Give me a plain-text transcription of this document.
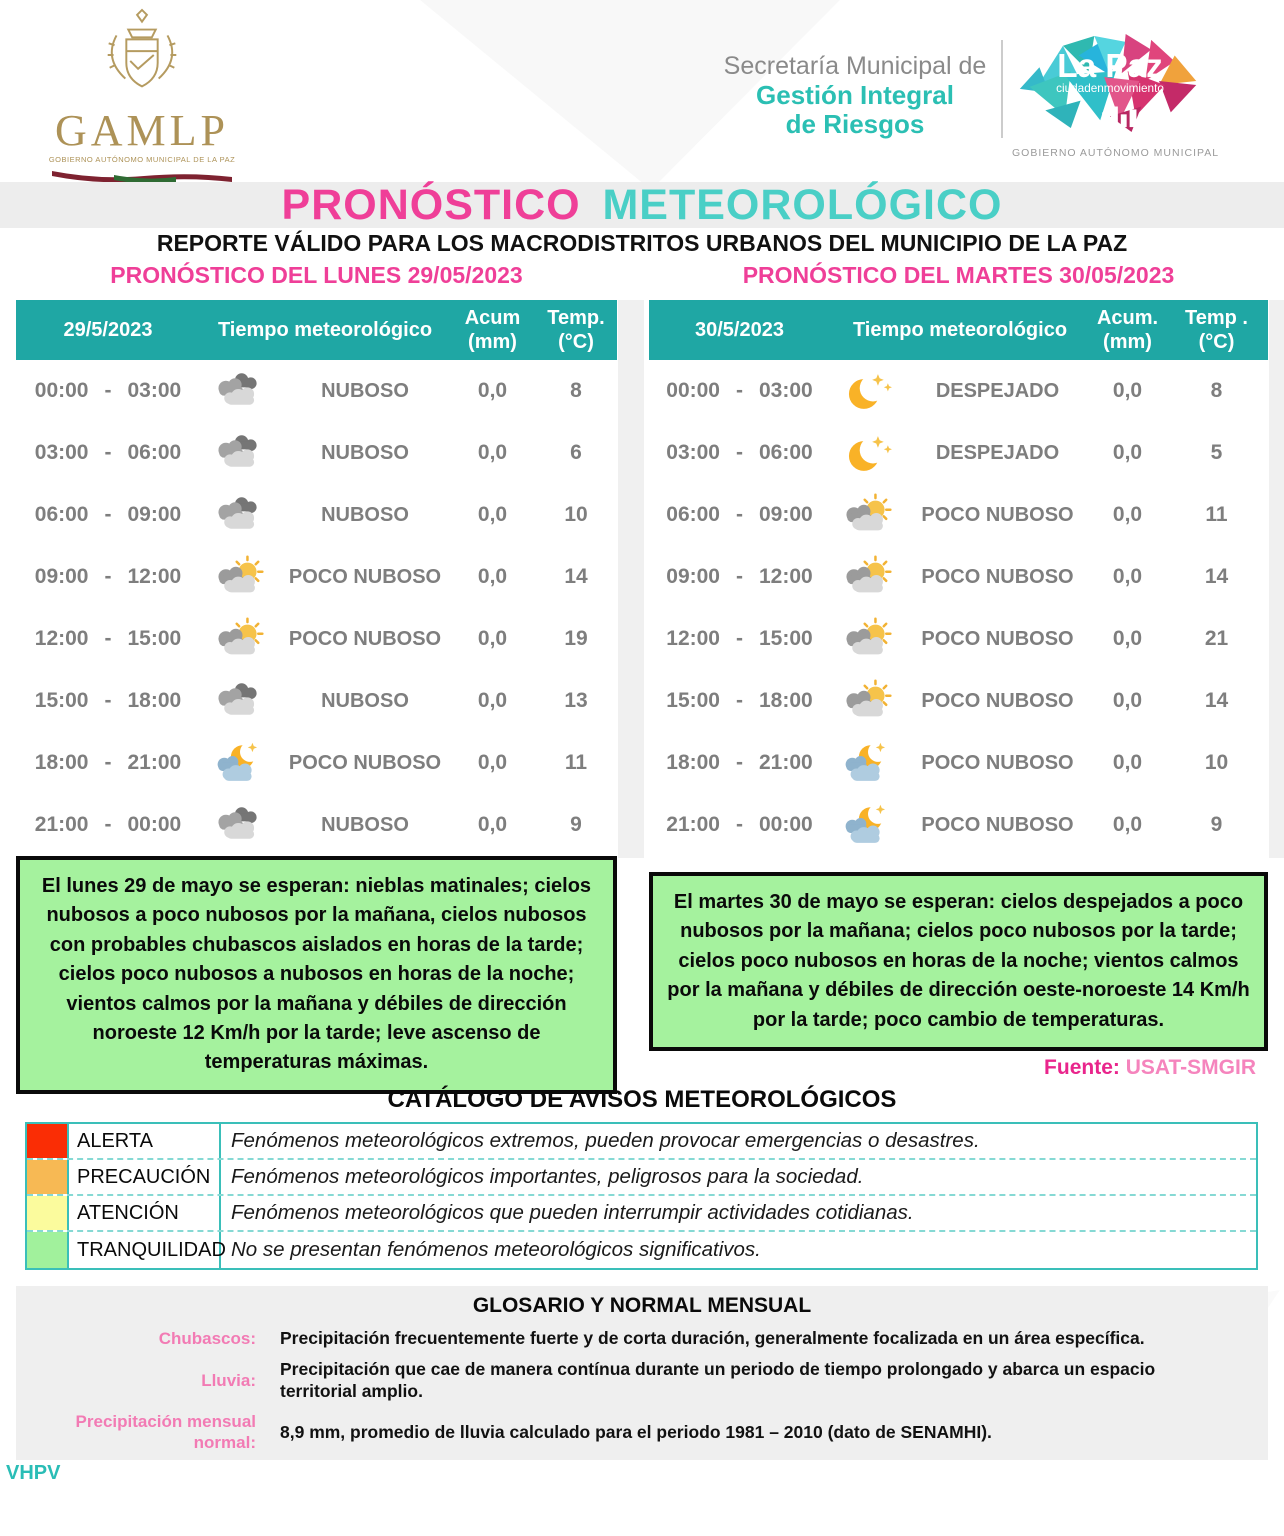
GAMLP
GOBIERNO AUTÓNOMO MUNICIPAL DE LA PAZ
Secretaría Municipal de
Gestión Integral
de Riesgos
La Paz
ciudadenmovimiento
GOBIERNO AUTÓNOMO MUNICIPAL
PRONÓSTICO METEOROLÓGICO
REPORTE VÁLIDO PARA LOS MACRODISTRITOS URBANOS DEL MUNICIPIO DE LA PAZ
PRONÓSTICO DEL LUNES 29/05/2023
29/5/2023	Tiempo meteorológico
Acum
(mm)
Temp.
(°C)
00:00 - 03:00	NUBOSO	0,0	8
03:00 - 06:00	NUBOSO	0,0	6
06:00 - 09:00	NUBOSO	0,0	10
09:00 - 12:00	POCO NUBOSO	0,0	14
12:00 - 15:00	POCO NUBOSO	0,0	19
15:00 - 18:00	NUBOSO	0,0	13
18:00 - 21:00	POCO NUBOSO	0,0	11
21:00 - 00:00	NUBOSO	0,0	9
El lunes 29 de mayo se esperan: nieblas matinales; cielos nubosos a poco nubosos por la mañana, cielos nubosos con probables chubascos aislados en horas de la tarde; cielos poco nubosos a nubosos en horas de la noche; vientos calmos por la mañana y débiles de dirección noroeste 12 Km/h por la tarde; leve ascenso de temperaturas máximas.
PRONÓSTICO DEL MARTES 30/05/2023
30/5/2023	Tiempo meteorológico
Acum.
(mm)
Temp .
(°C)
00:00 - 03:00	DESPEJADO	0,0	8
03:00 - 06:00	DESPEJADO	0,0	5
06:00 - 09:00	POCO NUBOSO	0,0	11
09:00 - 12:00	POCO NUBOSO	0,0	14
12:00 - 15:00	POCO NUBOSO	0,0	21
15:00 - 18:00	POCO NUBOSO	0,0	14
18:00 - 21:00	POCO NUBOSO	0,0	10
21:00 - 00:00	POCO NUBOSO	0,0	9
El martes 30 de mayo se esperan: cielos despejados a poco nubosos por la mañana; cielos poco nubosos por la tarde; cielos poco nubosos en horas de la noche; vientos calmos por la mañana y débiles de dirección oeste-noroeste 14 Km/h por la tarde; poco cambio de temperaturas.
Fuente: USAT-SMGIR
CATÁLOGO DE AVISOS METEOROLÓGICOS
ALERTA	Fenómenos meteorológicos extremos, pueden provocar emergencias o desastres.
PRECAUCIÓN	Fenómenos meteorológicos importantes, peligrosos para la sociedad.
ATENCIÓN	Fenómenos meteorológicos que pueden interrumpir actividades cotidianas.
TRANQUILIDAD No se presentan fenómenos meteorológicos significativos.
GLOSARIO Y NORMAL MENSUAL
Chubascos: Precipitación frecuentemente fuerte y de corta duración, generalmente focalizada en un área específica.
Lluvia:
Precipitación que cae de manera contínua durante un periodo de tiempo prolongado y abarca un espacio territorial amplio.
Precipitación mensual normal:
8,9 mm, promedio de lluvia calculado para el periodo 1981 – 2010 (dato de SENAMHI).
VHPV
